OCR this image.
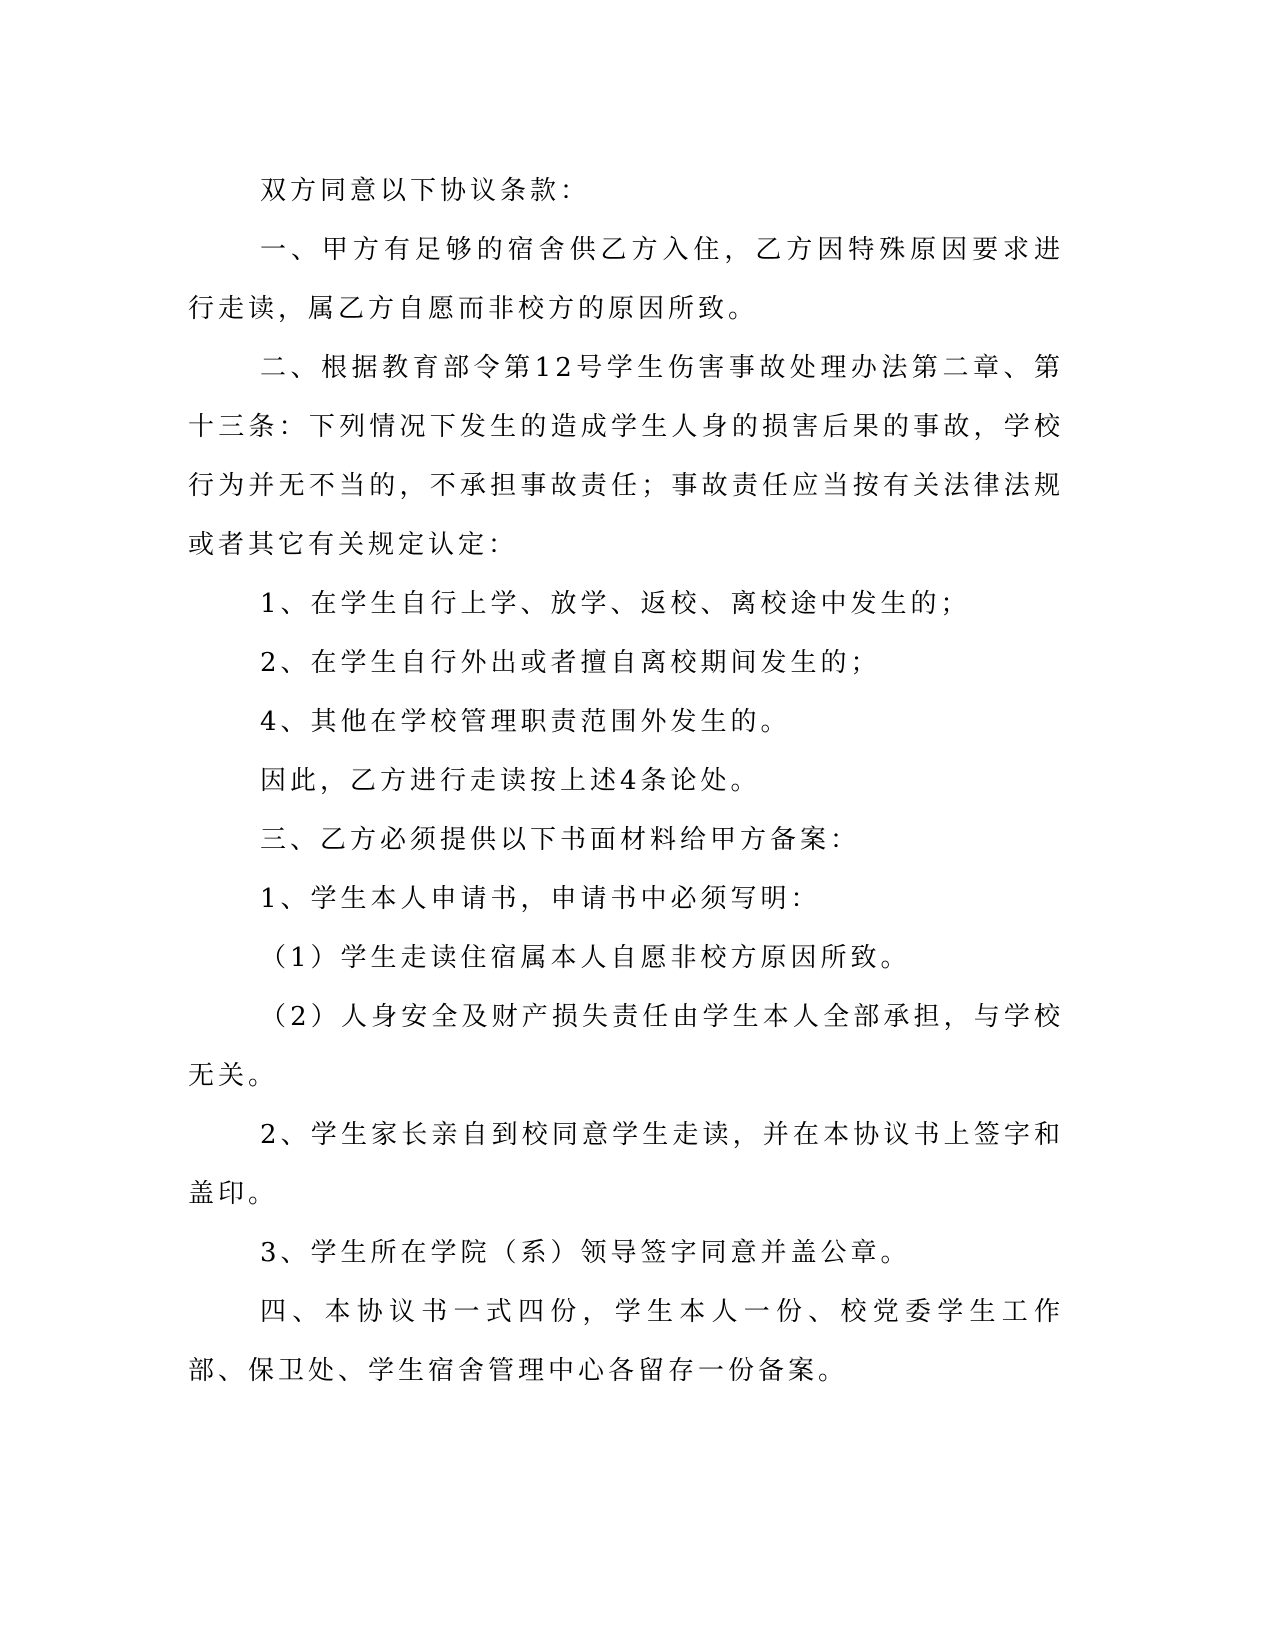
双方同意以下协议条款：

一、甲方有足够的宿舍供乙方入住，乙方因特殊原因要求进行走读，属乙方自愿而非校方的原因所致。

二、根据教育部令第12号学生伤害事故处理办法第二章、第十三条：下列情况下发生的造成学生人身的损害后果的事故，学校行为并无不当的，不承担事故责任；事故责任应当按有关法律法规或者其它有关规定认定：

1、在学生自行上学、放学、返校、离校途中发生的；

2、在学生自行外出或者擅自离校期间发生的；

4、其他在学校管理职责范围外发生的。

因此，乙方进行走读按上述4条论处。

三、乙方必须提供以下书面材料给甲方备案：

1、学生本人申请书，申请书中必须写明：

（1）学生走读住宿属本人自愿非校方原因所致。

（2）人身安全及财产损失责任由学生本人全部承担，与学校无关。

2、学生家长亲自到校同意学生走读，并在本协议书上签字和盖印。

3、学生所在学院（系）领导签字同意并盖公章。

四、本协议书一式四份，学生本人一份、校党委学生工作部、保卫处、学生宿舍管理中心各留存一份备案。
